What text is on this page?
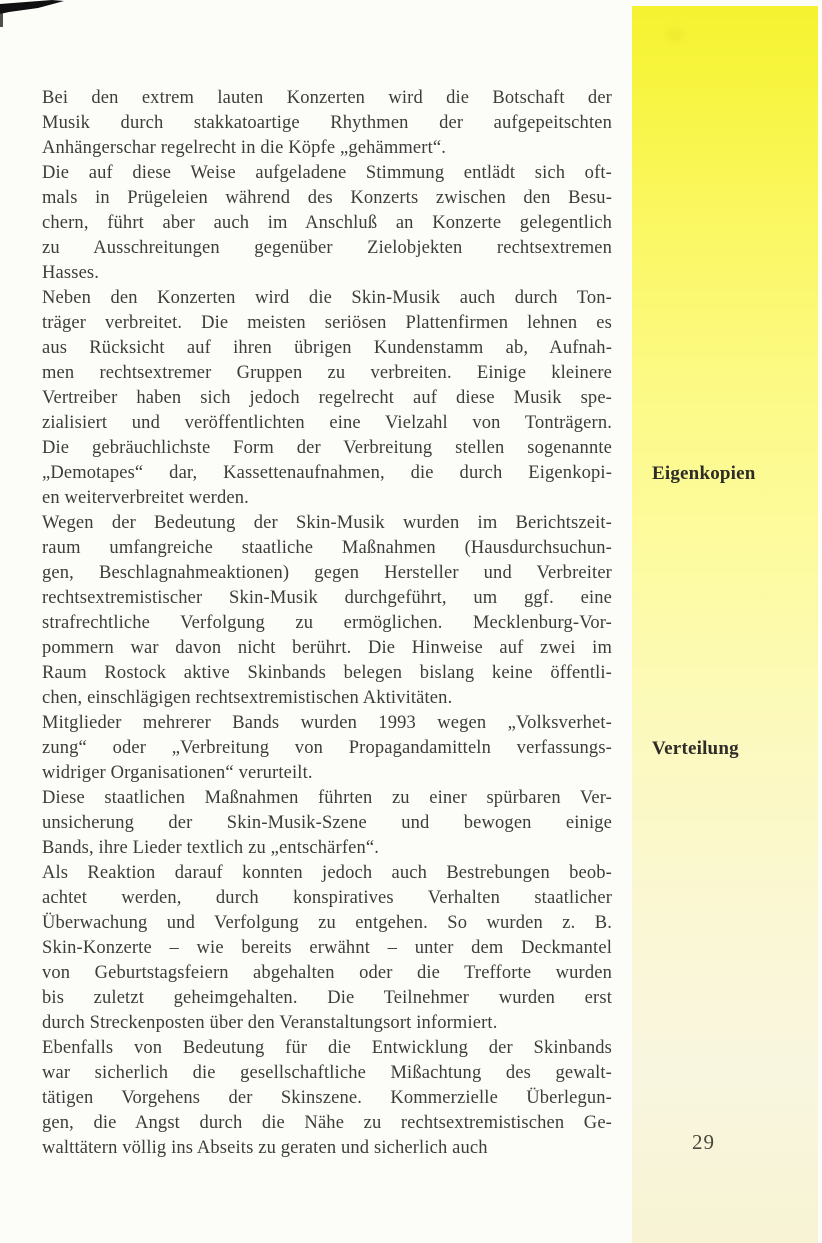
Bei den extrem lauten Konzerten wird die Botschaft der
Musik durch stakkatoartige Rhythmen der aufgepeitschten
Anhängerschar regelrecht in die Köpfe „gehämmert“.
Die auf diese Weise aufgeladene Stimmung entlädt sich oft-
mals in Prügeleien während des Konzerts zwischen den Besu-
chern, führt aber auch im Anschluß an Konzerte gelegentlich
zu Ausschreitungen gegenüber Zielobjekten rechtsextremen
Hasses.
Neben den Konzerten wird die Skin-Musik auch durch Ton-
träger verbreitet. Die meisten seriösen Plattenfirmen lehnen es
aus Rücksicht auf ihren übrigen Kundenstamm ab, Aufnah-
men rechtsextremer Gruppen zu verbreiten. Einige kleinere
Vertreiber haben sich jedoch regelrecht auf diese Musik spe-
zialisiert und veröffentlichten eine Vielzahl von Tonträgern.
Die gebräuchlichste Form der Verbreitung stellen sogenannte
„Demotapes“ dar, Kassettenaufnahmen, die durch Eigenkopi-
en weiterverbreitet werden.
Wegen der Bedeutung der Skin-Musik wurden im Berichtszeit-
raum umfangreiche staatliche Maßnahmen (Hausdurchsuchun-
gen, Beschlagnahmeaktionen) gegen Hersteller und Verbreiter
rechtsextremistischer Skin-Musik durchgeführt, um ggf. eine
strafrechtliche Verfolgung zu ermöglichen. Mecklenburg-Vor-
pommern war davon nicht berührt. Die Hinweise auf zwei im
Raum Rostock aktive Skinbands belegen bislang keine öffentli-
chen, einschlägigen rechtsextremistischen Aktivitäten.
Mitglieder mehrerer Bands wurden 1993 wegen „Volksverhet-
zung“ oder „Verbreitung von Propagandamitteln verfassungs-
widriger Organisationen“ verurteilt.
Diese staatlichen Maßnahmen führten zu einer spürbaren Ver-
unsicherung der Skin-Musik-Szene und bewogen einige
Bands, ihre Lieder textlich zu „entschärfen“.
Als Reaktion darauf konnten jedoch auch Bestrebungen beob-
achtet werden, durch konspiratives Verhalten staatlicher
Überwachung und Verfolgung zu entgehen. So wurden z. B.
Skin-Konzerte – wie bereits erwähnt – unter dem Deckmantel
von Geburtstagsfeiern abgehalten oder die Trefforte wurden
bis zuletzt geheimgehalten. Die Teilnehmer wurden erst
durch Streckenposten über den Veranstaltungsort informiert.
Ebenfalls von Bedeutung für die Entwicklung der Skinbands
war sicherlich die gesellschaftliche Mißachtung des gewalt-
tätigen Vorgehens der Skinszene. Kommerzielle Überlegun-
gen, die Angst durch die Nähe zu rechtsextremistischen Ge-
walttätern völlig ins Abseits zu geraten und sicherlich auch
Eigenkopien
Verteilung
29
